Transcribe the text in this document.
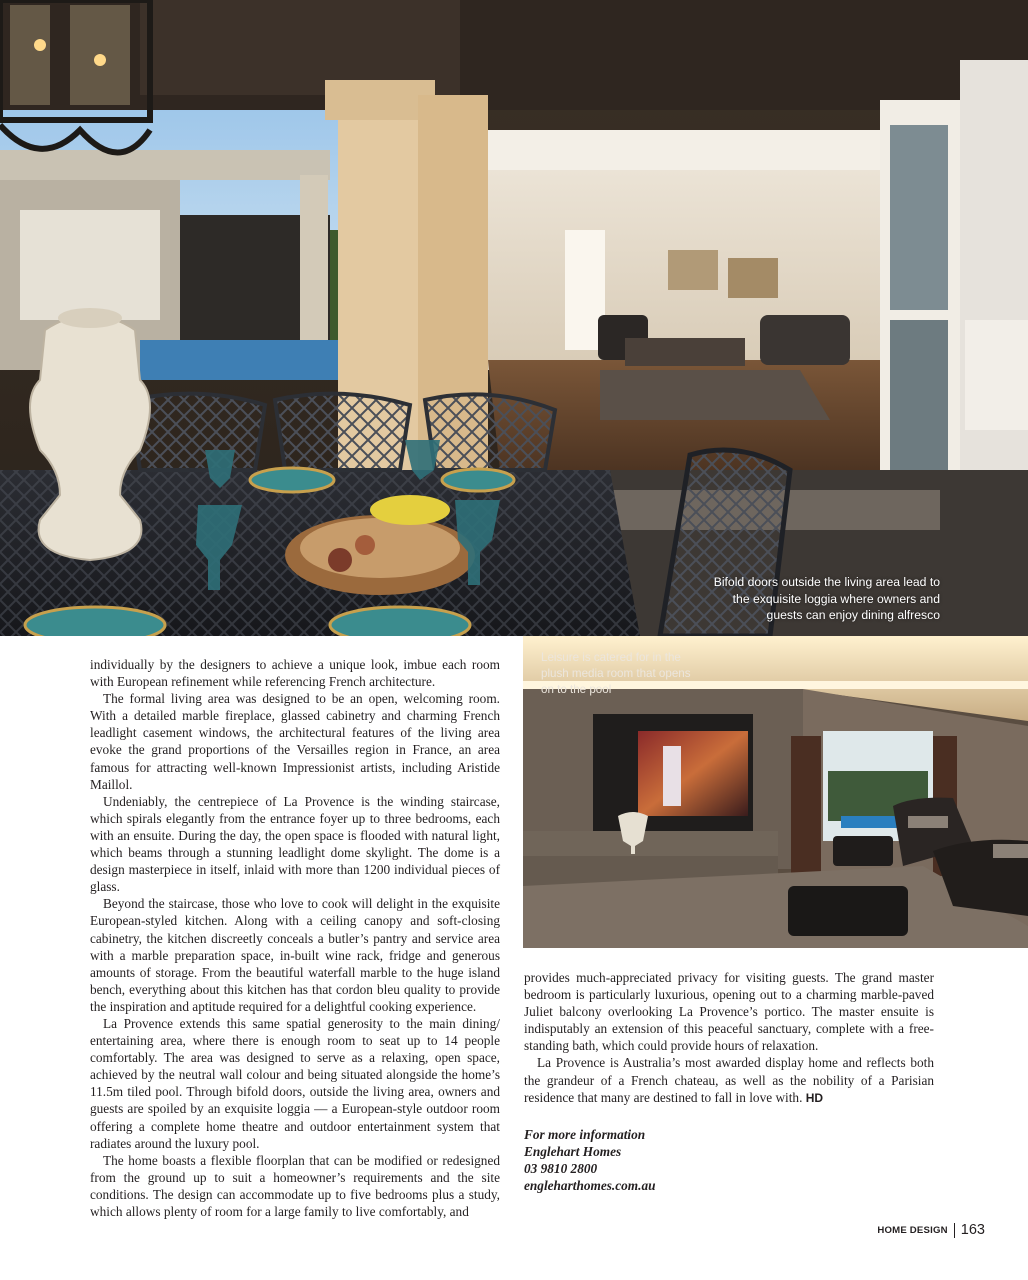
Bifold doors outside the living area lead to the exquisite loggia where owners and guests can enjoy dining alfresco
Leisure is catered for in the plush media room that opens on to the pool

individually by the designers to achieve a unique look, imbue each room with European refinement while referencing French architecture.

The formal living area was designed to be an open, welcoming room. With a detailed marble fireplace, glassed cabinetry and charming French leadlight casement windows, the architectural features of the living area evoke the grand proportions of the Versailles region in France, an area famous for attracting well-known Impressionist artists, including Aristide Maillol.

Undeniably, the centrepiece of La Provence is the winding staircase, which spirals elegantly from the entrance foyer up to three bedrooms, each with an ensuite. During the day, the open space is flooded with natural light, which beams through a stunning leadlight dome skylight. The dome is a design masterpiece in itself, inlaid with more than 1200 individual pieces of glass.

Beyond the staircase, those who love to cook will delight in the exquisite European-styled kitchen. Along with a ceiling canopy and soft-closing cabinetry, the kitchen discreetly conceals a butler’s pantry and service area with a marble preparation space, in-built wine rack, fridge and generous amounts of storage. From the beautiful waterfall marble to the huge island bench, everything about this kitchen has that cordon bleu quality to provide the inspiration and aptitude required for a delightful cooking experience.

La Provence extends this same spatial generosity to the main dining/ entertaining area, where there is enough room to seat up to 14 people comfortably. The area was designed to serve as a relaxing, open space, achieved by the neutral wall colour and being situated alongside the home’s 11.5m tiled pool. Through bifold doors, outside the living area, owners and guests are spoiled by an exquisite loggia — a European-style outdoor room offering a complete home theatre and outdoor entertainment system that radiates around the luxury pool.

The home boasts a flexible floorplan that can be modified or redesigned from the ground up to suit a homeowner’s requirements and the site conditions. The design can accommodate up to five bedrooms plus a study, which allows plenty of room for a large family to live comfortably, and

provides much-appreciated privacy for visiting guests. The grand master bedroom is particularly luxurious, opening out to a charming marble-paved Juliet balcony overlooking La Provence’s portico. The master ensuite is indisputably an extension of this peaceful sanctuary, complete with a free-standing bath, which could provide hours of relaxation.

La Provence is Australia’s most awarded display home and reflects both the grandeur of a French chateau, as well as the nobility of a Parisian residence that many are destined to fall in love with. HD

For more information
Englehart Homes
03 9810 2800
engleharthomes.com.au
HOME DESIGN 163
